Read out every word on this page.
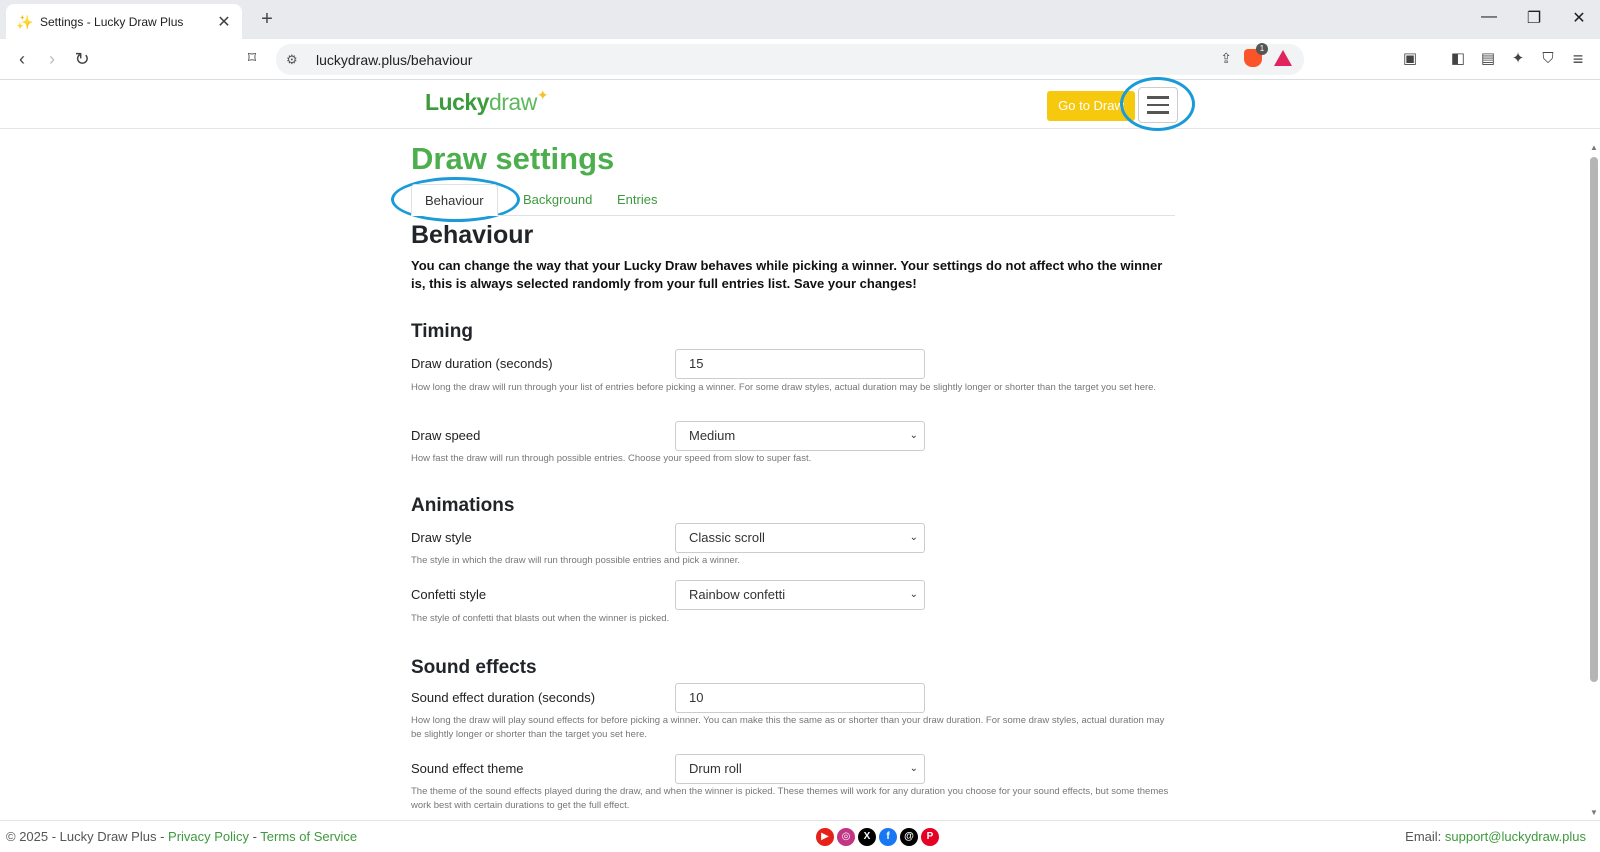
✨ Settings - Lucky Draw Plus	✕ +	—	❐	✕
‹	›	↻	⌑	⚙	luckydraw.plus/behaviour	⇪
1
▣	◧	▤	✦	⛉	≡
Luckydraw✦
Go to Draw
Draw settings
Behaviour	Background	Entries
Behaviour
You can change the way that your Lucky Draw behaves while picking a winner. Your settings do not affect who the winner is, this is always selected randomly from your full entries list. Save your changes!
Timing
Draw duration (seconds)	15
How long the draw will run through your list of entries before picking a winner. For some draw styles, actual duration may be slightly longer or shorter than the target you set here.
Draw speed	Medium	⌄
How fast the draw will run through possible entries. Choose your speed from slow to super fast.
Animations
Draw style	Classic scroll	⌄
The style in which the draw will run through possible entries and pick a winner.
Confetti style	Rainbow confetti	⌄
The style of confetti that blasts out when the winner is picked.
Sound effects
Sound effect duration (seconds)	10
How long the draw will play sound effects for before picking a winner. You can make this the same as or shorter than your draw duration. For some draw styles, actual duration may be slightly longer or shorter than the target you set here.
Sound effect theme	Drum roll	⌄
The theme of the sound effects played during the draw, and when the winner is picked. These themes will work for any duration you choose for your sound effects, but some themes work best with certain durations to get the full effect.
▲
▼
© 2025 - Lucky Draw Plus - Privacy Policy - Terms of Service	▶	◎	X	f	@	P	Email: support@luckydraw.plus
